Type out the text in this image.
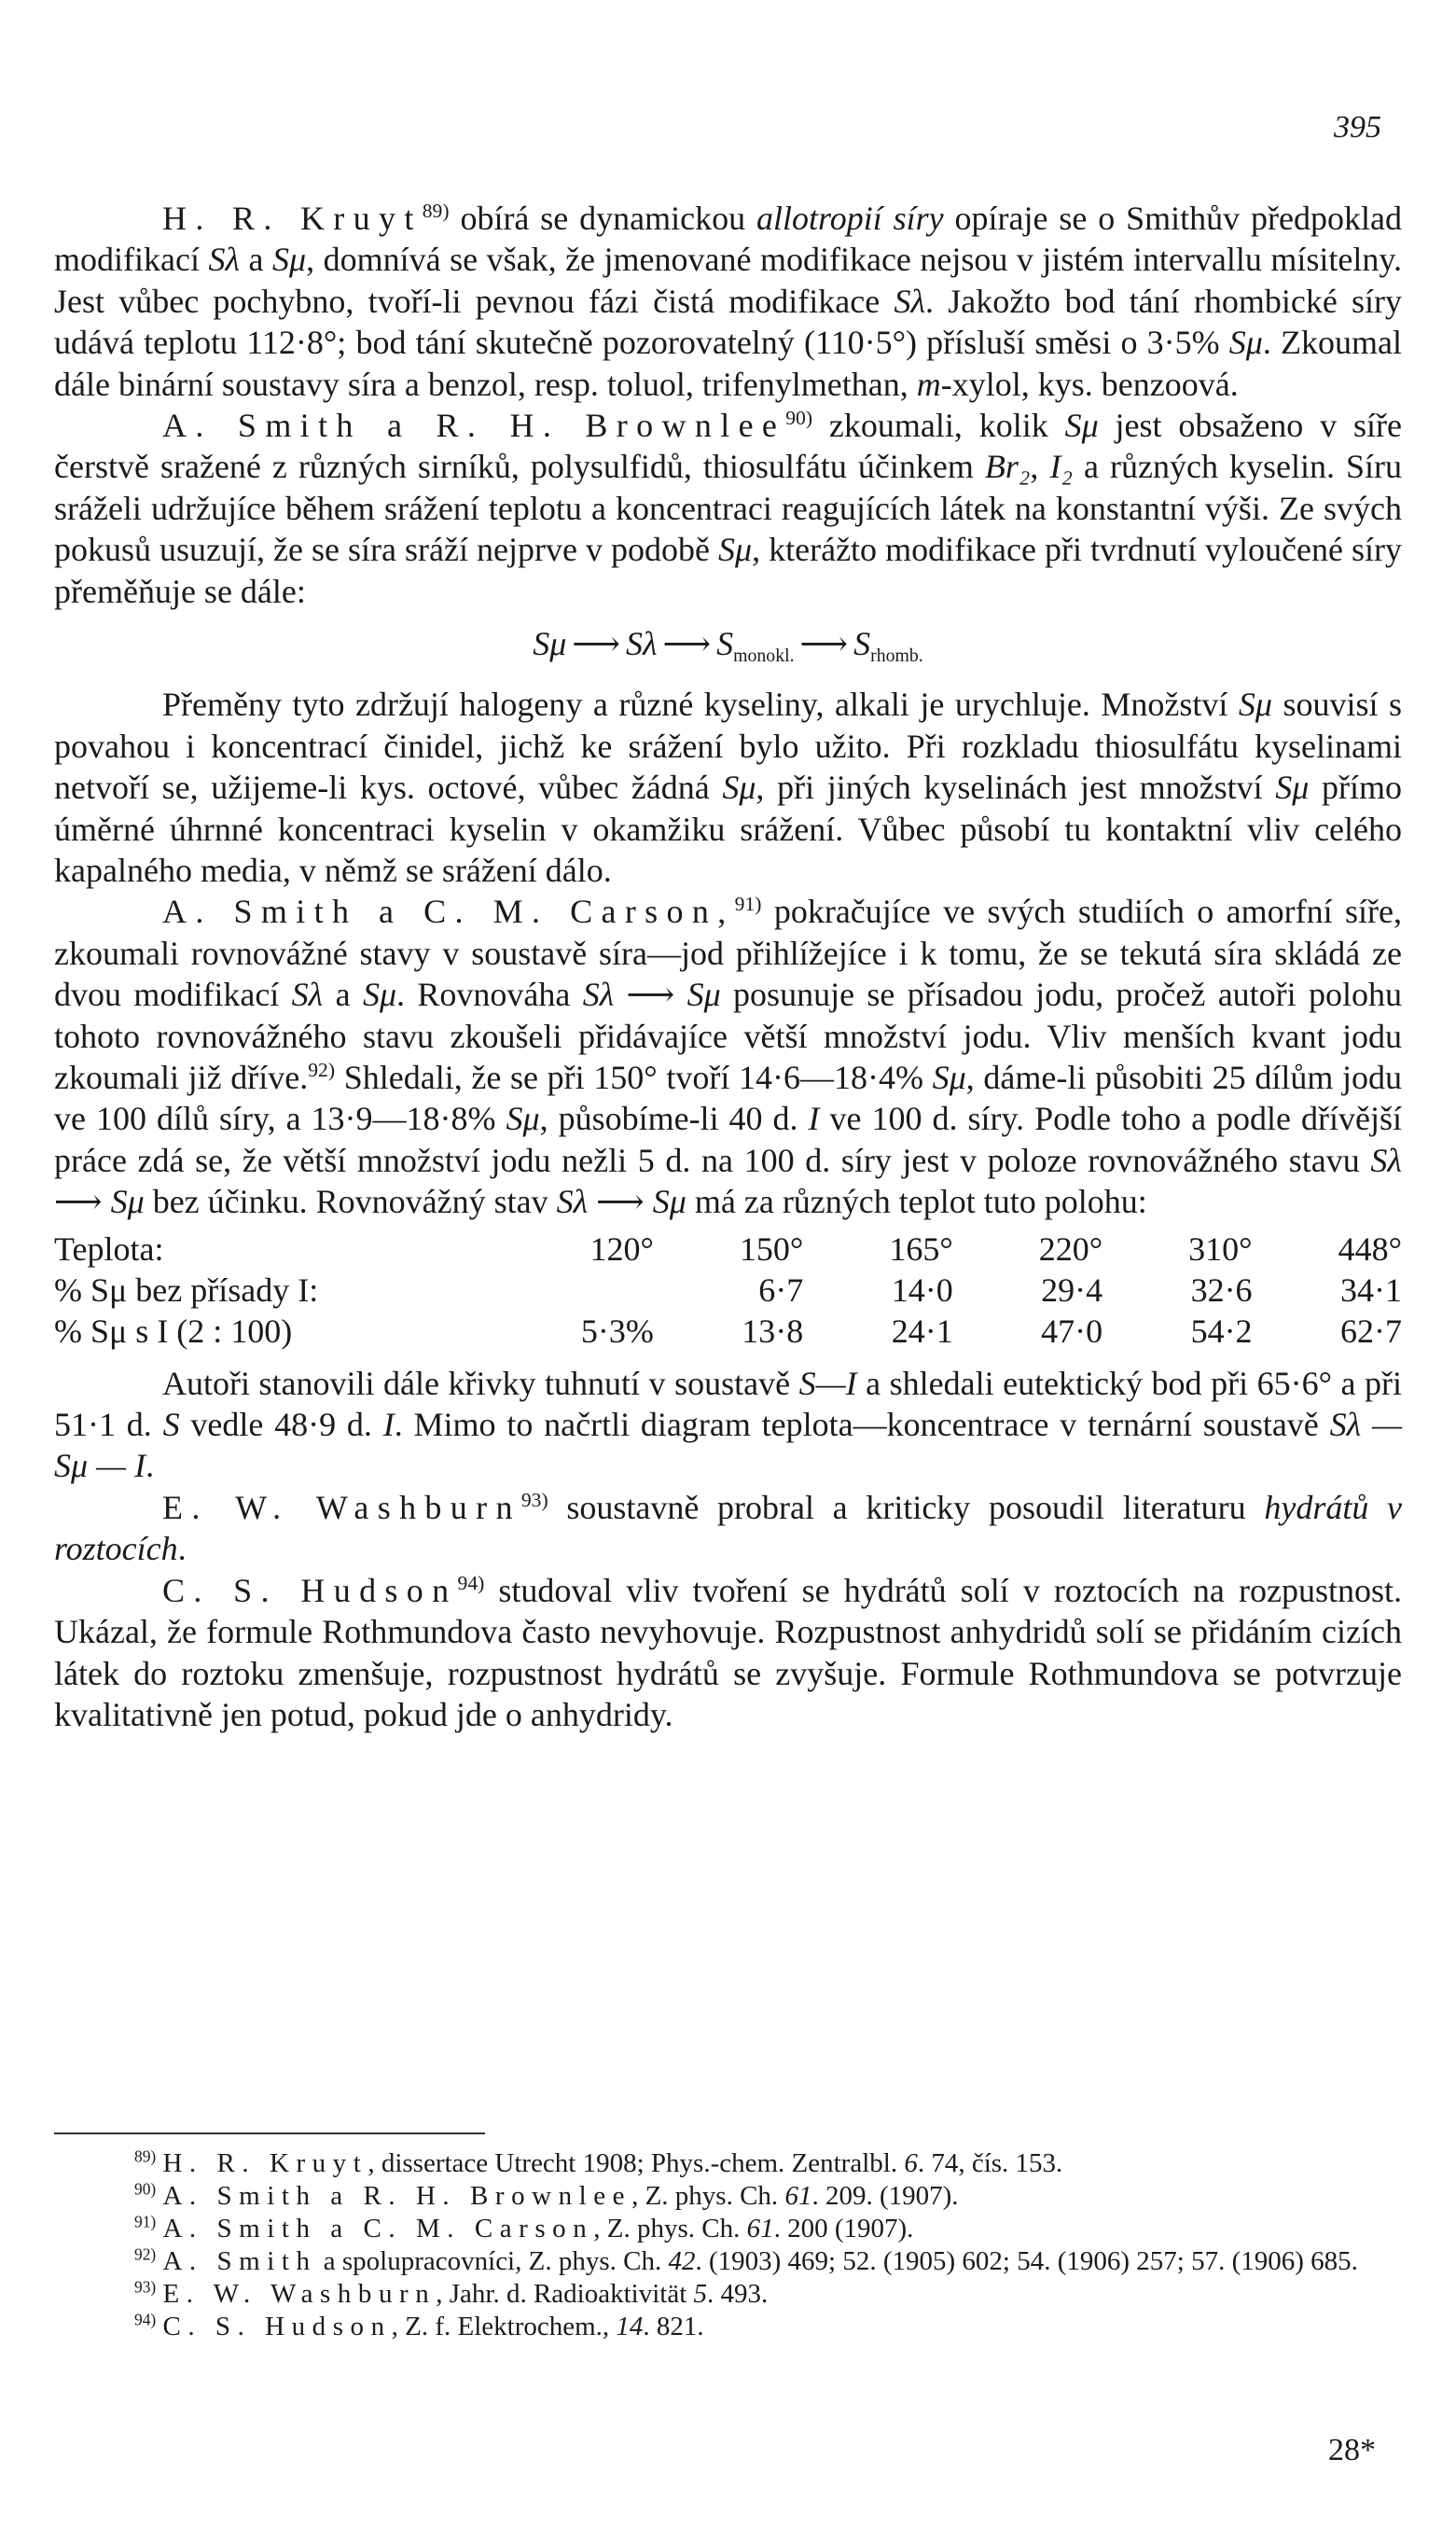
395

H. R. Kruyt$^{89)}$ obírá se dynamickou allotropií síry opíraje se o Smithův předpoklad modifikací Sλ a Sμ, domnívá se však, že jmenované modifikace nejsou v jistém intervallu mísitelny. Jest vůbec pochybno, tvoří-li pevnou fázi čistá modifikace Sλ. Jakožto bod tání rhombické síry udává teplotu 112·8°; bod tání skutečně pozorovatelný (110·5°) přísluší směsi o 3·5% Sμ. Zkoumal dále binární soustavy síra a benzol, resp. toluol, trifenylmethan, m-xylol, kys. benzoová.

A. Smith a R. H. Brownlee$^{90)}$ zkoumali, kolik Sμ jest obsaženo v síře čerstvě sražené z různých sirníků, polysulfidů, thiosulfátu účinkem Br₂, I₂ a různých kyselin. Síru sráželi udržujíce během srážení teplotu a koncentraci reagujících látek na konstantní výši. Ze svých pokusů usuzují, že se síra sráží nejprve v podobě Sμ, kterážto modifikace při tvrdnutí vyloučené síry přeměňuje se dále:

Sμ ⟶ Sλ ⟶ $S_{monokl.}$ ⟶ $S_{rhomb.}$

Přeměny tyto zdržují halogeny a různé kyseliny, alkali je urychluje. Množství Sμ souvisí s povahou i koncentrací činidel, jichž ke srážení bylo užito. Při rozkladu thiosulfátu kyselinami netvoří se, užijeme-li kys. octové, vůbec žádná Sμ, při jiných kyselinách jest množství Sμ přímo úměrné úhrnné koncentraci kyselin v okamžiku srážení. Vůbec působí tu kontaktní vliv celého kapalného media, v němž se srážení dálo.

A. Smith a C. M. Carson,$^{91)}$ pokračujíce ve svých studiích o amorfní síře, zkoumali rovnovážné stavy v soustavě síra—jod přihlížejíce i k tomu, že se tekutá síra skládá ze dvou modifikací Sλ a Sμ. Rovnováha Sλ ⟶ Sμ posunuje se přísadou jodu, pročež autoři polohu tohoto rovnovážného stavu zkoušeli přidávajíce větší množství jodu. Vliv menších kvant jodu zkoumali již dříve.$^{92)}$ Shledali, že se při 150° tvoří 14·6—18·4% Sμ, dáme-li působiti 25 dílům jodu ve 100 dílů síry, a 13·9—18·8% Sμ, působíme-li 40 d. I ve 100 d. síry. Podle toho a podle dřívější práce zdá se, že větší množství jodu nežli 5 d. na 100 d. síry jest v poloze rovnovážného stavu Sλ ⟶ Sμ bez účinku. Rovnovážný stav Sλ ⟶ Sμ má za různých teplot tuto polohu:

Teplota:	120°	150°	165°	220°	310°	448°
% Sμ bez přísady I:		6·7	14·0	29·4	32·6	34·1
% Sμ s I (2 : 100)	5·3%	13·8	24·1	47·0	54·2	62·7

Autoři stanovili dále křivky tuhnutí v soustavě S—I a shledali eutektický bod při 65·6° a při 51·1 d. S vedle 48·9 d. I. Mimo to načrtli diagram teplota—koncentrace v ternární soustavě Sλ — Sμ — I.

E. W. Washburn$^{93)}$ soustavně probral a kriticky posoudil literaturu hydrátů v roztocích.

C. S. Hudson$^{94)}$ studoval vliv tvoření se hydrátů solí v roztocích na rozpustnost. Ukázal, že formule Rothmundova často nevyhovuje. Rozpustnost anhydridů solí se přidáním cizích látek do roztoku zmenšuje, rozpustnost hydrátů se zvyšuje. Formule Rothmundova se potvrzuje kvalitativně jen potud, pokud jde o anhydridy.

$^{89)}$ H. R. Kruyt, dissertace Utrecht 1908; Phys.-chem. Zentralbl. 6. 74, čís. 153.

$^{90)}$ A. Smith a R. H. Brownlee, Z. phys. Ch. 61. 209. (1907).

$^{91)}$ A. Smith a C. M. Carson, Z. phys. Ch. 61. 200 (1907).

$^{92)}$ A. Smith a spolupracovníci, Z. phys. Ch. 42. (1903) 469; 52. (1905) 602; 54. (1906) 257; 57. (1906) 685.

$^{93)}$ E. W. Washburn, Jahr. d. Radioaktivität 5. 493.

$^{94)}$ C. S. Hudson, Z. f. Elektrochem., 14. 821.

28*
